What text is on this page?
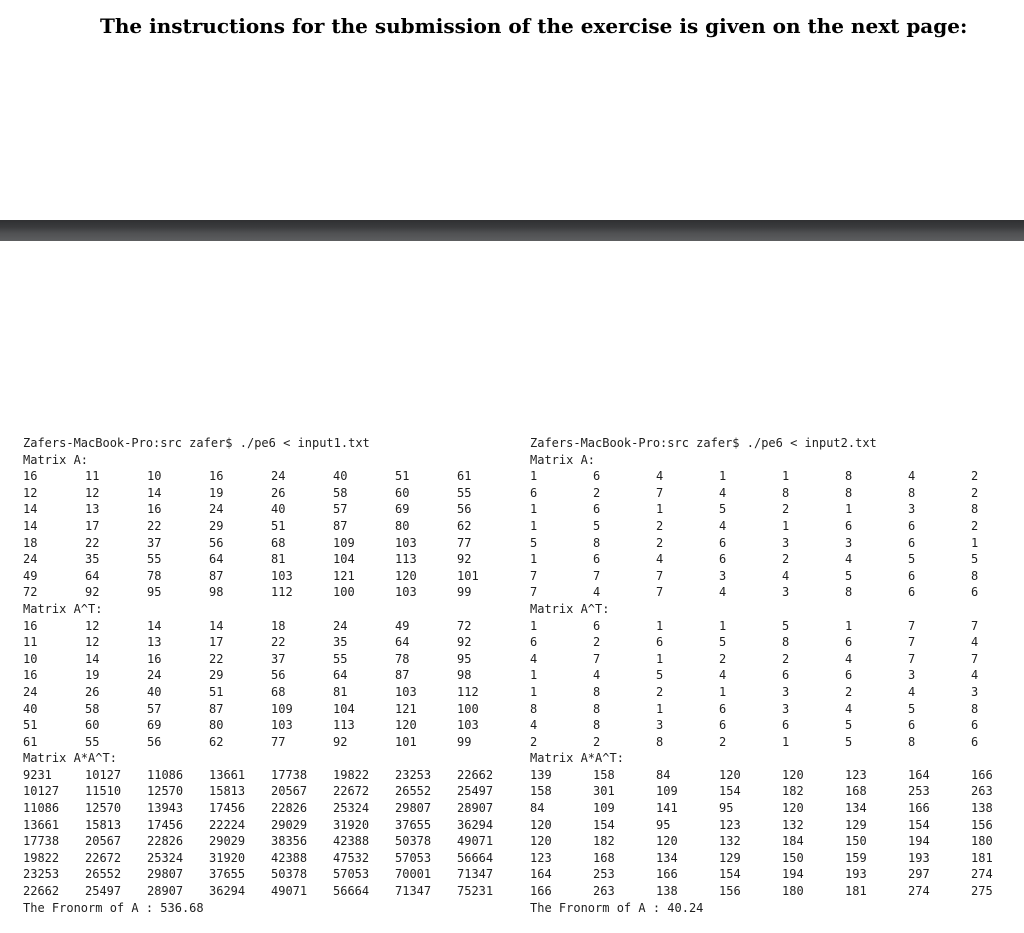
The instructions for the submission of the exercise is given on the next page:
Zafers-MacBook-Pro:src zafer$ ./pe6 < input1.txt
Matrix A:
16	11	10	16	24	40	51	61
12	12	14	19	26	58	60	55
14	13	16	24	40	57	69	56
14	17	22	29	51	87	80	62
18	22	37	56	68	109	103	77
24	35	55	64	81	104	113	92
49	64	78	87	103	121	120	101
72	92	95	98	112	100	103	99
Matrix A^T:
16	12	14	14	18	24	49	72
11	12	13	17	22	35	64	92
10	14	16	22	37	55	78	95
16	19	24	29	56	64	87	98
24	26	40	51	68	81	103	112
40	58	57	87	109	104	121	100
51	60	69	80	103	113	120	103
61	55	56	62	77	92	101	99
Matrix A*A^T:
9231	10127 11086 13661 17738 19822 23253 22662
10127 11510 12570 15813 20567 22672 26552 25497
11086 12570 13943 17456 22826 25324 29807 28907
13661 15813 17456 22224 29029 31920 37655 36294
17738 20567 22826 29029 38356 42388 50378 49071
19822 22672 25324 31920 42388 47532 57053 56664
23253 26552 29807 37655 50378 57053 70001 71347
22662 25497 28907 36294 49071 56664 71347 75231
The Fronorm of A : 536.68
Zafers-MacBook-Pro:src zafer$ ./pe6 < input2.txt
Matrix A:
1	6	4	1	1	8	4	2
6	2	7	4	8	8	8	2
1	6	1	5	2	1	3	8
1	5	2	4	1	6	6	2
5	8	2	6	3	3	6	1
1	6	4	6	2	4	5	5
7	7	7	3	4	5	6	8
7	4	7	4	3	8	6	6
Matrix A^T:
1	6	1	1	5	1	7	7
6	2	6	5	8	6	7	4
4	7	1	2	2	4	7	7
1	4	5	4	6	6	3	4
1	8	2	1	3	2	4	3
8	8	1	6	3	4	5	8
4	8	3	6	6	5	6	6
2	2	8	2	1	5	8	6
Matrix A*A^T:
139	158	84	120	120	123	164	166
158	301	109	154	182	168	253	263
84	109	141	95	120	134	166	138
120	154	95	123	132	129	154	156
120	182	120	132	184	150	194	180
123	168	134	129	150	159	193	181
164	253	166	154	194	193	297	274
166	263	138	156	180	181	274	275
The Fronorm of A : 40.24
